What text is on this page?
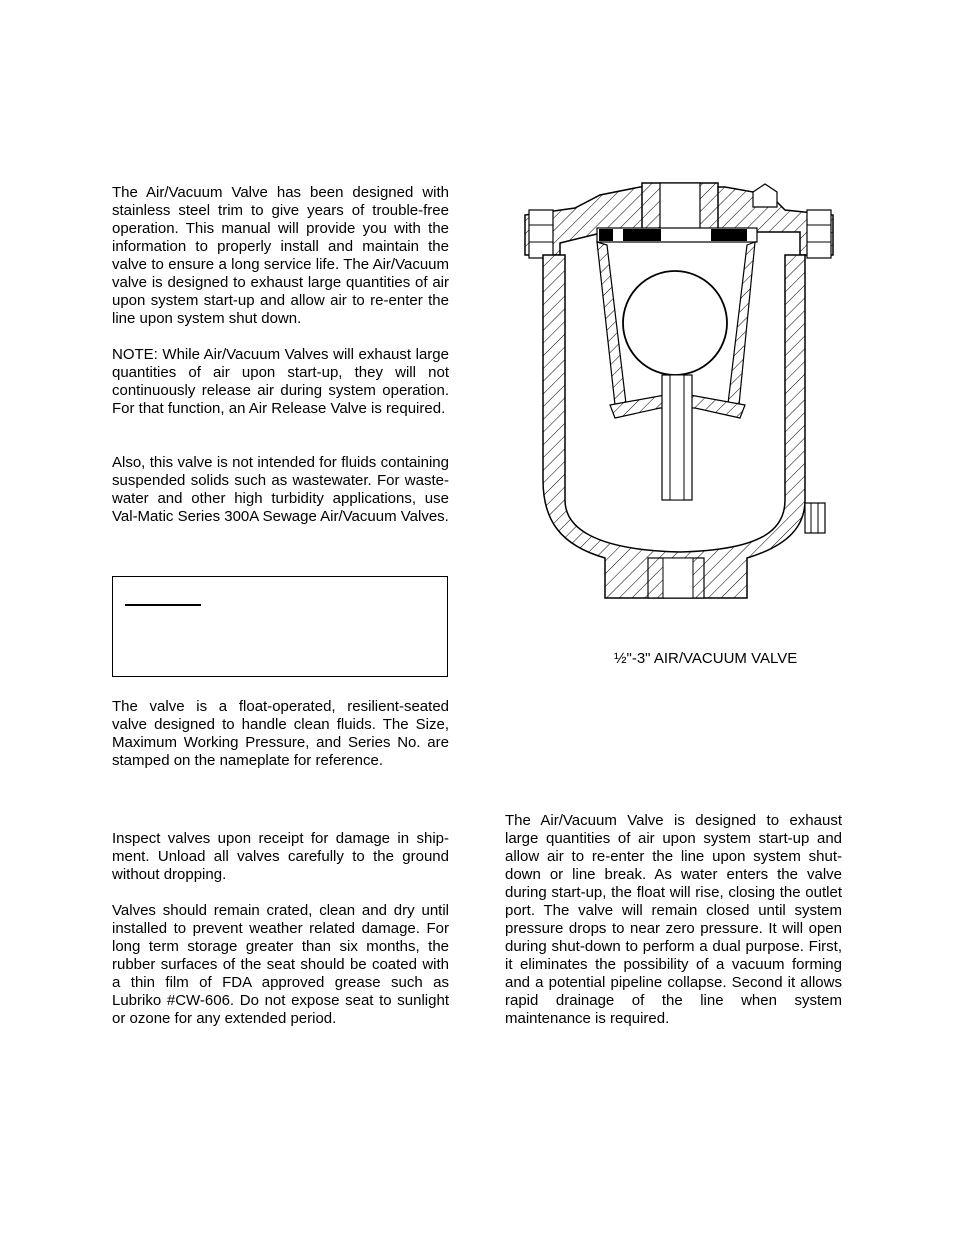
The Air/Vacuum Valve has been designed with stainless steel trim to give years of trouble-free operation. This manual will provide you with the information to properly install and maintain the valve to ensure a long service life. The Air/Vacuum valve is designed to exhaust large quantities of air upon system start-up and allow air to re-enter the line upon system shut down.
NOTE: While Air/Vacuum Valves will exhaust large quantities of air upon start-up, they will not continuously release air during system operation. For that function, an Air Release Valve is required.
Also, this valve is not intended for fluids containing suspended solids such as wastewater. For waste-water and other high turbidity applications, use Val-Matic Series 300A Sewage Air/Vacuum Valves.
The valve is a float-operated, resilient-seated valve designed to handle clean fluids. The Size, Maximum Working Pressure, and Series No. are stamped on the nameplate for reference.
Inspect valves upon receipt for damage in ship-ment. Unload all valves carefully to the ground without dropping.
Valves should remain crated, clean and dry until installed to prevent weather related damage. For long term storage greater than six months, the rubber surfaces of the seat should be coated with a thin film of FDA approved grease such as Lubriko #CW-606. Do not expose seat to sunlight or ozone for any extended period.
½"-3" AIR/VACUUM VALVE
The Air/Vacuum Valve is designed to exhaust large quantities of air upon system start-up and allow air to re-enter the line upon system shut-down or line break. As water enters the valve during start-up, the float will rise, closing the outlet port. The valve will remain closed until system pressure drops to near zero pressure. It will open during shut-down to perform a dual purpose. First, it eliminates the possibility of a vacuum forming and a potential pipeline collapse. Second it allows rapid drainage of the line when system maintenance is required.
